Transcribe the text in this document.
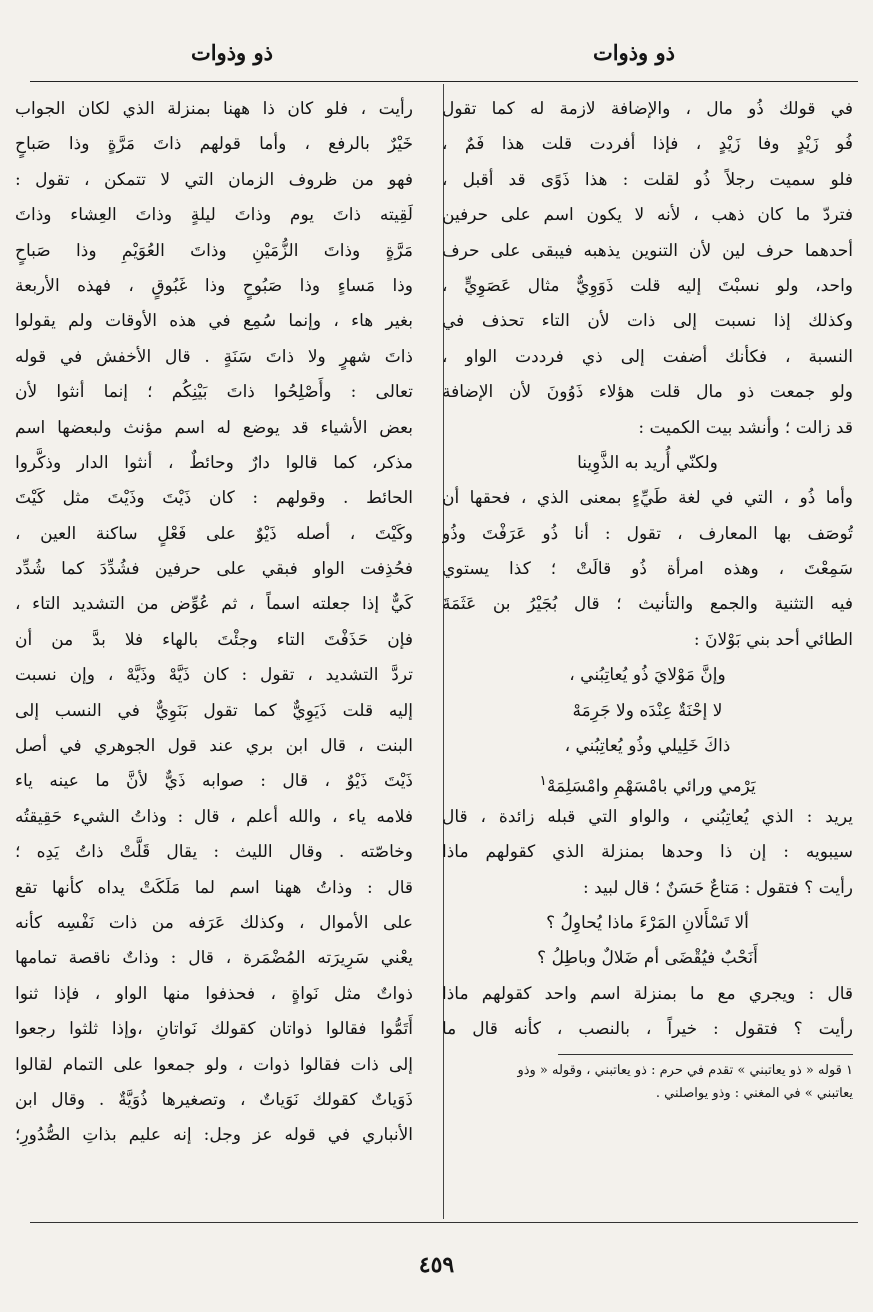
ذو وذوات
ذو وذوات
في قولك ذُو مال ، والإضافة لازمة له كما تقول
فُو زَيْدٍ وفا زَيْدٍ ، فإذا أفردت قلت هذا فَمٌ ،
فلو سميت رجلاً ذُو لقلت : هذا ذَوًى قد أقبل ،
فتردّ ما كان ذهب ، لأنه لا يكون اسم على حرفين
أحدهما حرف لين لأن التنوين يذهبه فيبقى على حرف
واحد، ولو نسبْتَ إليه قلت ذَوَوِيٌّ مثال عَصَوِيٍّ ،
وكذلك إذا نسبت إلى ذات لأن التاء تحذف في
النسبة ، فكأنك أضفت إلى ذي فرددت الواو ،
ولو جمعت ذو مال قلت هؤلاء ذَوُونَ لأن الإضافة
قد زالت ؛ وأنشد بيت الكميت :
ولكنّي أُريد به الذَّوِينا
وأما ذُو ، التي في لغة طَيِّءٍ بمعنى الذي ، فحقها أن
تُوصَف بها المعارف ، تقول : أنا ذُو عَرَفْتَ وذُو
سَمِعْتَ ، وهذه امرأة ذُو قالَتْ ؛ كذا يستوي
فيه التثنية والجمع والتأنيث ؛ قال بُجَيْرُ بن عَثَمَةَ
الطائي أحد بني بَوْلانَ :
وإنَّ مَوْلايَ ذُو يُعاتِبُني ،
لا إحْنَةٌ عِنْدَه ولا جَرِمَهْ
ذاكَ خَلِيلي وذُو يُعاتِبُني ،
يَرْمي ورائي بامْسَهْمِ وامْسَلِمَهْ$^١$
يريد : الذي يُعاتِبُني ، والواو التي قبله زائدة ، قال
سيبويه : إن ذا وحدها بمنزلة الذي كقولهم ماذا
رأيت ؟ فتقول : مَتاعٌ حَسَنٌ ؛ قال لبيد :
ألا تَسْأَلانِ المَرْءَ ماذا يُحاوِلُ ؟
أَنَحْبٌ فيُقْضَى أم ضَلالٌ وباطِلُ ؟
قال : ويجري مع ما بمنزلة اسم واحد كقولهم ماذا
رأيت ؟ فتقول : خيراً ، بالنصب ، كأنه قال ما
١ قوله « ذو يعاتبني » تقدم في حرم : ذو يعاتبني ، وقوله « وذو
يعاتبني » في المغني : وذو يواصلني .
رأيت ، فلو كان ذا ههنا بمنزلة الذي لكان الجواب
خَيْرٌ بالرفع ، وأما قولهم ذاتَ مَرَّةٍ وذا صَباحٍ
فهو من ظروف الزمان التي لا تتمكن ، تقول :
لَقِيته ذاتَ يوم وذاتَ ليلةٍ وذاتَ العِشاء وذاتَ
مَرَّةٍ وذاتَ الزُّمَيْنِ وذاتَ العُوَيْمِ وذا صَباحٍ
وذا مَساءٍ وذا صَبُوحٍ وذا غَبُوقٍ ، فهذه الأربعة
بغير هاء ، وإنما سُمِع في هذه الأوقات ولم يقولوا
ذاتَ شهرٍ ولا ذاتَ سَنَةٍ . قال الأخفش في قوله
تعالى : وأَصْلِحُوا ذاتَ بَيْنِكُم ؛ إنما أنثوا لأن
بعض الأشياء قد يوضع له اسم مؤنث ولبعضها اسم
مذكر، كما قالوا دارٌ وحائطٌ ، أنثوا الدار وذكَّروا
الحائط . وقولهم : كان ذَيْتَ وذَيْتَ مثل كَيْتَ
وكَيْتَ ، أصله ذَيْوٌ على فَعْلٍ ساكنة العين ،
فحُذِفت الواو فبقي على حرفين فشُدِّدَ كما شُدِّد
كَيٌّ إذا جعلته اسماً ، ثم عُوِّض من التشديد التاء ،
فإن حَذَفْتَ التاء وجئْتَ بالهاء فلا بدَّ من أن
تردَّ التشديد ، تقول : كان ذَيَّهْ وذَيَّهْ ، وإن نسبت
إليه قلت ذَيَوِيٌّ كما تقول بَنَوِيٌّ في النسب إلى
البنت ، قال ابن بري عند قول الجوهري في أصل
ذَيْتَ ذَيْوٌ ، قال : صوابه ذَيٌّ لأنَّ ما عينه ياء
فلامه ياء ، والله أعلم ، قال : وذاتُ الشيء حَقِيقتُه
وخاصّته . وقال الليث : يقال قَلَّتْ ذاتُ يَدِه ؛
قال : وذاتُ ههنا اسم لما مَلَكَتْ يداه كأنها تقع
على الأموال ، وكذلك عَرَفه من ذات نَفْسِه كأنه
يعْني سَرِيرَته المُضْمَرة ، قال : وذاتٌ ناقصة تمامها
ذواتٌ مثل نَواةٍ ، فحذفوا منها الواو ، فإذا ثنوا
أَتَمُّوا فقالوا ذواتان كقولك نَواتانِ ،وإذا ثلثوا رجعوا
إلى ذات فقالوا ذوات ، ولو جمعوا على التمام لقالوا
ذَوَياتٌ كقولك نَوَياتٌ ، وتصغيرها ذُوَيَّةٌ . وقال ابن
الأنباري في قوله عز وجل: إنه عليم بذاتِ الصُّدُورِ؛
٤٥٩
